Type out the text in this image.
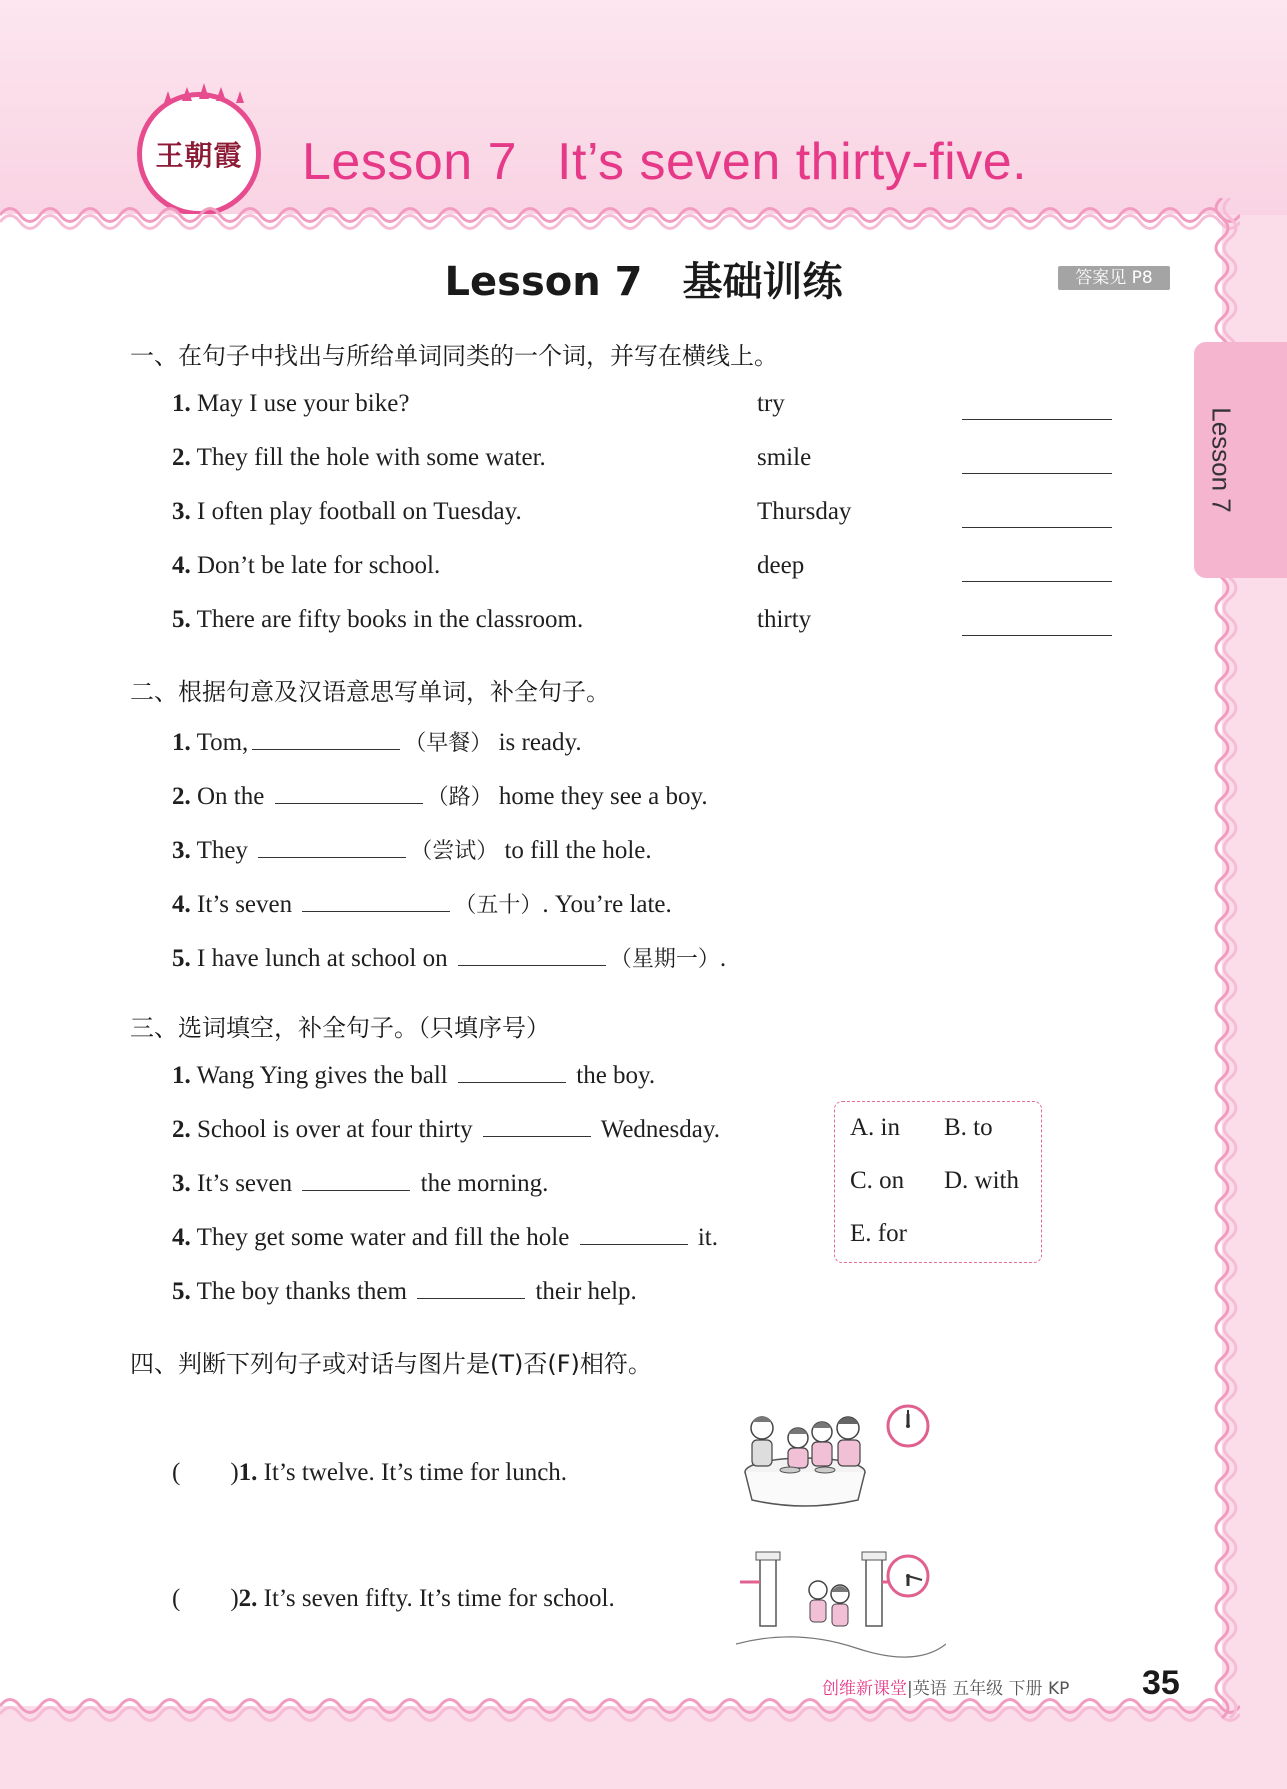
王朝霞 Lesson 7 It’s seven thirty-five.
Lesson 7
Lesson 7　基础训练	答案见 P8
一、在句子中找出与所给单词同类的一个词，并写在横线上。
1. May I use your bike?	try
2. They fill the hole with some water.	smile
3. I often play football on Tuesday.	Thursday
4. Don’t be late for school.	deep
5. There are fifty books in the classroom.	thirty
二、根据句意及汉语意思写单词，补全句子。
1. Tom,	（早餐） is ready.
2. On the	（路） home they see a boy.
3. They	（尝试） to fill the hole.
4. It’s seven	（五十）. You’re late.
5. I have lunch at school on	（星期一）.
三、选词填空，补全句子。（只填序号）
1. Wang Ying gives the ball	the boy.
2. School is over at four thirty	Wednesday.
3. It’s seven	the morning.
4. They get some water and fill the hole	it.
5. The boy thanks them	their help.
A. in B. to
C. on D. with
E. for
四、判断下列句子或对话与图片是(T)否(F)相符。
(　　)1. It’s twelve. It’s time for lunch.
(　　)2. It’s seven fifty. It’s time for school.
创维新课堂|英语 五年级 下册 KP 35
